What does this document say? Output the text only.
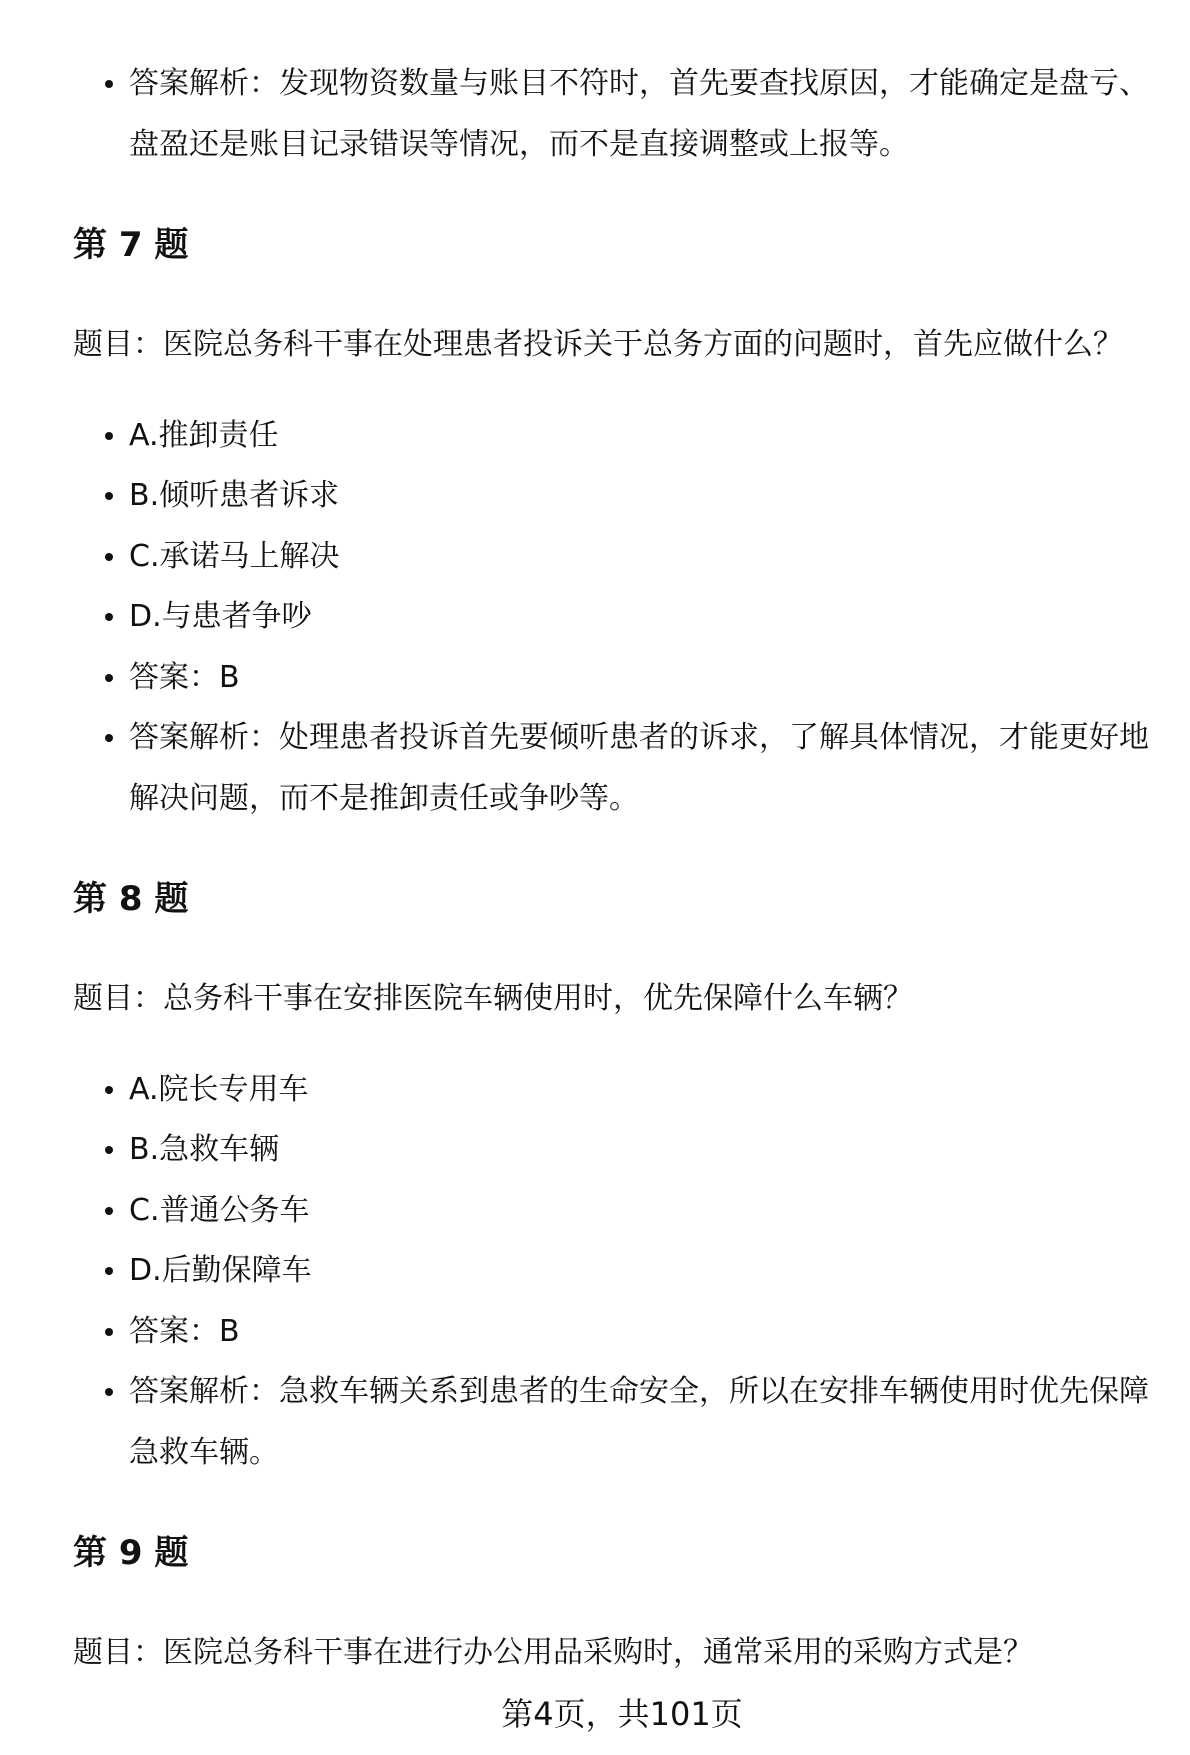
答案解析：发现物资数量与账目不符时，首先要查找原因，才能确定是盘亏、盘盈还是账目记录错误等情况，而不是直接调整或上报等。
第 7 题

题目：医院总务科干事在处理患者投诉关于总务方面的问题时，首先应做什么？

A.推卸责任
B.倾听患者诉求
C.承诺马上解决
D.与患者争吵
答案：B
答案解析：处理患者投诉首先要倾听患者的诉求，了解具体情况，才能更好地解决问题，而不是推卸责任或争吵等。
第 8 题

题目：总务科干事在安排医院车辆使用时，优先保障什么车辆？

A.院长专用车
B.急救车辆
C.普通公务车
D.后勤保障车
答案：B
答案解析：急救车辆关系到患者的生命安全，所以在安排车辆使用时优先保障急救车辆。
第 9 题

题目：医院总务科干事在进行办公用品采购时，通常采用的采购方式是？

第4页，共101页
